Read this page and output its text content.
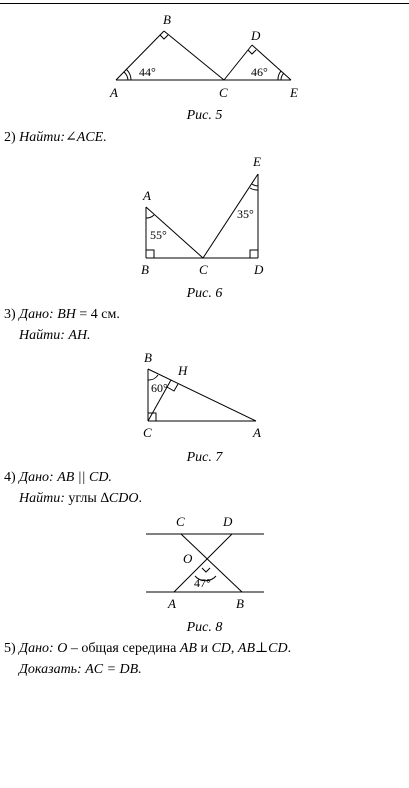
B
D
A	C	E
44°	46°
Рис. 5
2) Найти:∠ACE.
E
A
B	C	D
55°
35°
Рис. 6
3) Дано: BH = 4 см.
Найти: AH.
B
H
C	A
60°
Рис. 7
4) Дано: AB || CD.
Найти: углы ∆CDO.
C	D
O
A	B
47°
Рис. 8
5) Дано: O – общая середина AB и CD, AB⊥CD.
Доказать: AC = DB.
